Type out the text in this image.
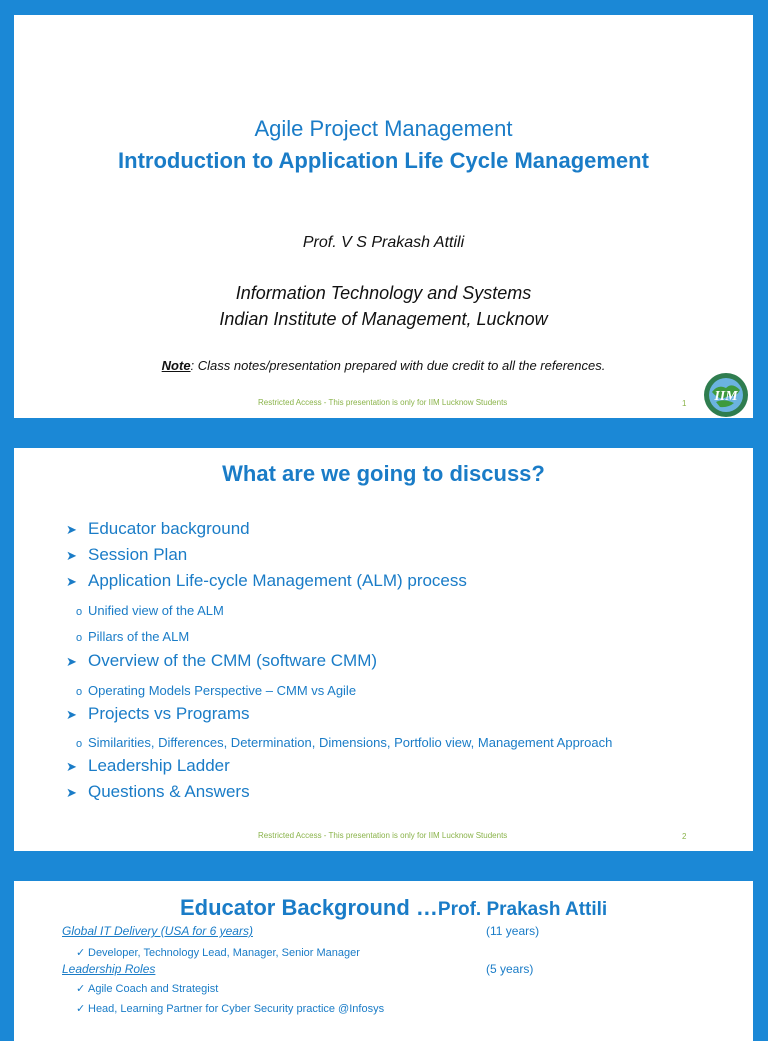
Agile Project Management
Introduction to Application Life Cycle Management
Prof. V S Prakash Attili
Information Technology and Systems
Indian Institute of Management, Lucknow
Note: Class notes/presentation prepared with due credit to all the references.
Restricted Access - This presentation is only for IIM Lucknow Students	1 IIM
What are we going to discuss?
➤ Educator background
➤ Session Plan
➤ Application Life-cycle Management (ALM) process
o Unified view of the ALM
o Pillars of the ALM
➤ Overview of the CMM (software CMM)
o Operating Models Perspective – CMM vs Agile
➤ Projects vs Programs
o Similarities, Differences, Determination, Dimensions, Portfolio view, Management Approach
➤ Leadership Ladder
➤ Questions & Answers
Restricted Access - This presentation is only for IIM Lucknow Students	2
Educator Background …Prof. Prakash Attili
Global IT Delivery (USA for 6 years)	(11 years)
✓ Developer, Technology Lead, Manager, Senior Manager
Leadership Roles	(5 years)
✓ Agile Coach and Strategist
✓ Head, Learning Partner for Cyber Security practice @Infosys
